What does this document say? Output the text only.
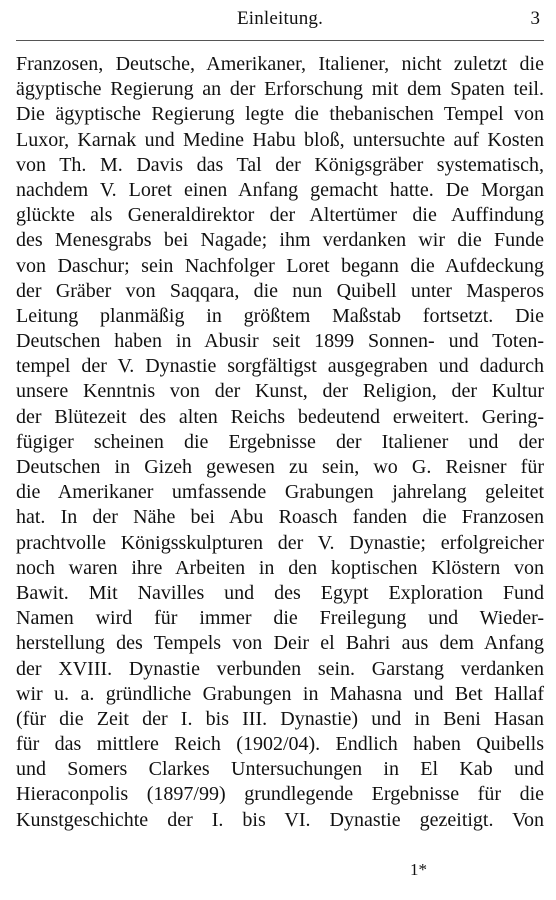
Einleitung.	3
Franzosen, Deutsche, Amerikaner, Italiener, nicht zuletzt die
ägyptische Regierung an der Erforschung mit dem Spaten teil.
Die ägyptische Regierung legte die thebanischen Tempel von
Luxor, Karnak und Medine Habu bloß, untersuchte auf Kosten
von Th. M. Davis das Tal der Königsgräber systematisch,
nachdem V. Loret einen Anfang gemacht hatte. De Morgan
glückte als Generaldirektor der Altertümer die Auffindung
des Menesgrabs bei Nagade; ihm verdanken wir die Funde
von Daschur; sein Nachfolger Loret begann die Aufdeckung
der Gräber von Saqqara, die nun Quibell unter Masperos
Leitung planmäßig in größtem Maßstab fortsetzt. Die
Deutschen haben in Abusir seit 1899 Sonnen- und Toten-
tempel der V. Dynastie sorgfältigst ausgegraben und dadurch
unsere Kenntnis von der Kunst, der Religion, der Kultur
der Blütezeit des alten Reichs bedeutend erweitert. Gering-
fügiger scheinen die Ergebnisse der Italiener und der
Deutschen in Gizeh gewesen zu sein, wo G. Reisner für
die Amerikaner umfassende Grabungen jahrelang geleitet
hat. In der Nähe bei Abu Roasch fanden die Franzosen
prachtvolle Königsskulpturen der V. Dynastie; erfolgreicher
noch waren ihre Arbeiten in den koptischen Klöstern von
Bawit. Mit Navilles und des Egypt Exploration Fund
Namen wird für immer die Freilegung und Wieder-
herstellung des Tempels von Deir el Bahri aus dem Anfang
der XVIII. Dynastie verbunden sein. Garstang verdanken
wir u. a. gründliche Grabungen in Mahasna und Bet Hallaf
(für die Zeit der I. bis III. Dynastie) und in Beni Hasan
für das mittlere Reich (1902/04). Endlich haben Quibells
und Somers Clarkes Untersuchungen in El Kab und
Hieraconpolis (1897/99) grundlegende Ergebnisse für die
Kunstgeschichte der I. bis VI. Dynastie gezeitigt. Von
1*
